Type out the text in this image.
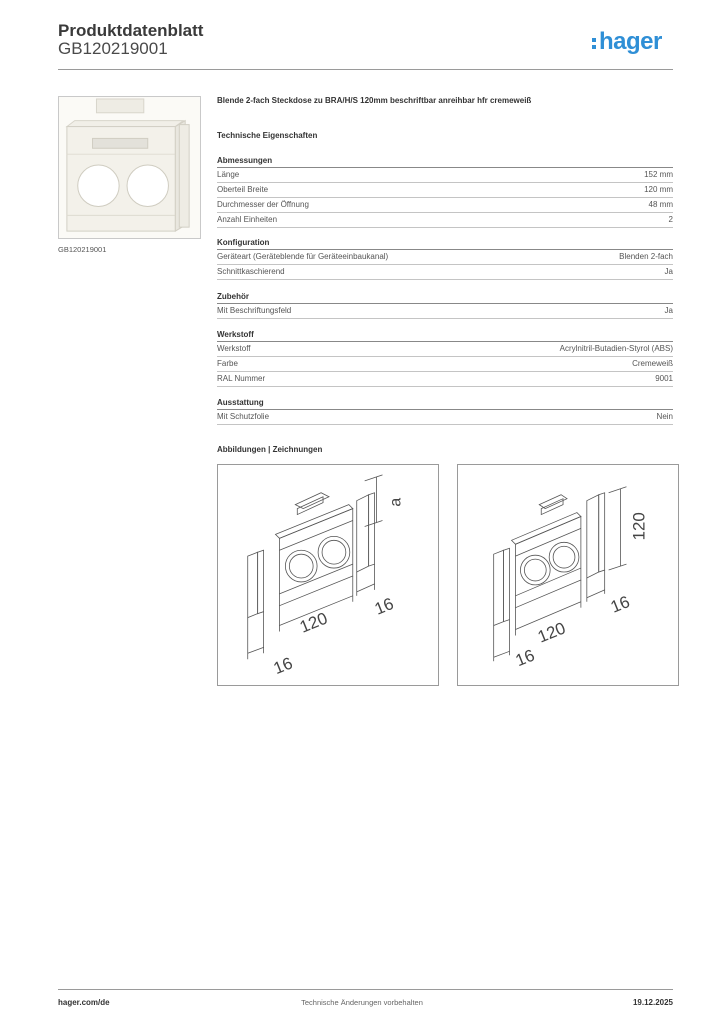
Produktdatenblatt
GB120219001	hager
GB120219001
Blende 2-fach Steckdose zu BRA/H/S 120mm beschriftbar anreihbar hfr cremeweiß
Technische Eigenschaften
Abmessungen
Länge	152 mm
Oberteil Breite	120 mm
Durchmesser der Öffnung	48 mm
Anzahl Einheiten	2
Konfiguration
Geräteart (Geräteblende für Geräteeinbaukanal)	Blenden 2-fach
Schnittkaschierend	Ja
Zubehör
Mit Beschriftungsfeld	Ja
Werkstoff
Werkstoff	Acrylnitril-Butadien-Styrol (ABS)
Farbe	Cremeweiß
RAL Nummer	9001
Ausstattung
Mit Schutzfolie	Nein
Abbildungen | Zeichnungen
a
120
16
16
120
16
120
16
hager.com/de	Technische Änderungen vorbehalten	19.12.2025
